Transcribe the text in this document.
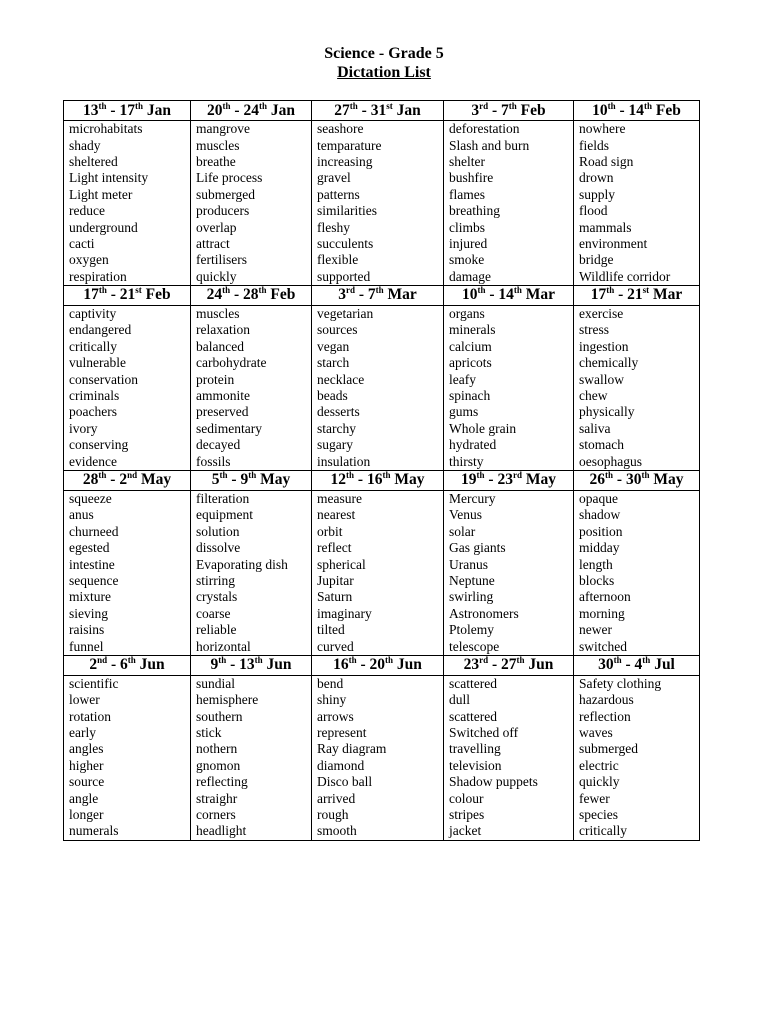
Science - Grade 5
Dictation List
13th - 17th Jan	20th - 24th Jan	27th - 31st Jan	3rd - 7th Feb	10th - 14th Feb
microhabitats	mangrove	seashore	deforestation	nowhere
shady	muscles	temparature	Slash and burn	fields
sheltered	breathe	increasing	shelter	Road sign
Light intensity	Life process	gravel	bushfire	drown
Light meter	submerged	patterns	flames	supply
reduce	producers	similarities	breathing	flood
underground	overlap	fleshy	climbs	mammals
cacti	attract	succulents	injured	environment
oxygen	fertilisers	flexible	smoke	bridge
respiration	quickly	supported	damage	Wildlife corridor
17th - 21st Feb	24th - 28th Feb	3rd - 7th Mar	10th - 14th Mar	17th - 21st Mar
captivity	muscles	vegetarian	organs	exercise
endangered	relaxation	sources	minerals	stress
critically	balanced	vegan	calcium	ingestion
vulnerable	carbohydrate	starch	apricots	chemically
conservation	protein	necklace	leafy	swallow
criminals	ammonite	beads	spinach	chew
poachers	preserved	desserts	gums	physically
ivory	sedimentary	starchy	Whole grain	saliva
conserving	decayed	sugary	hydrated	stomach
evidence	fossils	insulation	thirsty	oesophagus
28th - 2nd May	5th - 9th May	12th - 16th May	19th - 23rd May	26th - 30th May
squeeze	filteration	measure	Mercury	opaque
anus	equipment	nearest	Venus	shadow
churneed	solution	orbit	solar	position
egested	dissolve	reflect	Gas giants	midday
intestine	Evaporating dish	spherical	Uranus	length
sequence	stirring	Jupitar	Neptune	blocks
mixture	crystals	Saturn	swirling	afternoon
sieving	coarse	imaginary	Astronomers	morning
raisins	reliable	tilted	Ptolemy	newer
funnel	horizontal	curved	telescope	switched
2nd - 6th Jun	9th - 13th Jun	16th - 20th Jun	23rd - 27th Jun	30th - 4th Jul
scientific	sundial	bend	scattered	Safety clothing
lower	hemisphere	shiny	dull	hazardous
rotation	southern	arrows	scattered	reflection
early	stick	represent	Switched off	waves
angles	nothern	Ray diagram	travelling	submerged
higher	gnomon	diamond	television	electric
source	reflecting	Disco ball	Shadow puppets	quickly
angle	straighr	arrived	colour	fewer
longer	corners	rough	stripes	species
numerals	headlight	smooth	jacket	critically
